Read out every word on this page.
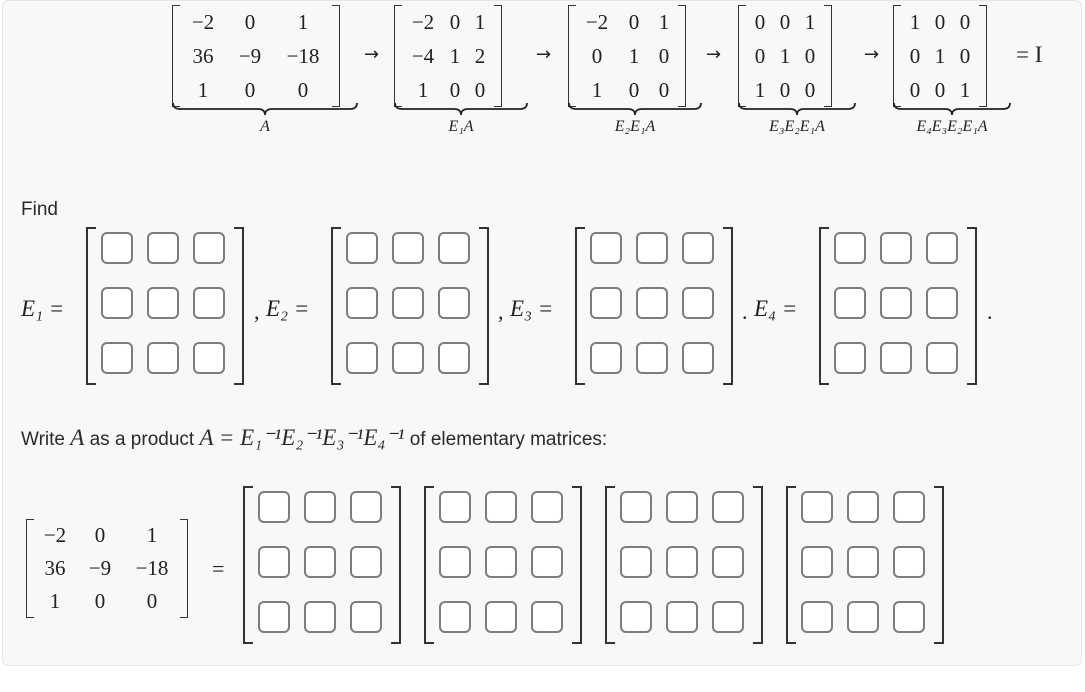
−2 0 1
36 −9 −18
1 0 0
A
−2 0 1
−4 1 2
1 0 0
E₁A
−2 0 1
0 1 0
1 0 0
E₂E₁A
0 0 1
0 1 0
1 0 0
E₃E₂E₁A
1 0 0
0 1 0
0 0 1
E₄E₃E₂E₁A
→	→	→	→	= I
Find
E₁ =	, E₂ =	, E₃ =	. E₄ =	.
Write A as a product A = E₁⁻¹E₂⁻¹E₃⁻¹E₄⁻¹ of elementary matrices:
−2 0 1
36 −9 −18
1 0 0
=
